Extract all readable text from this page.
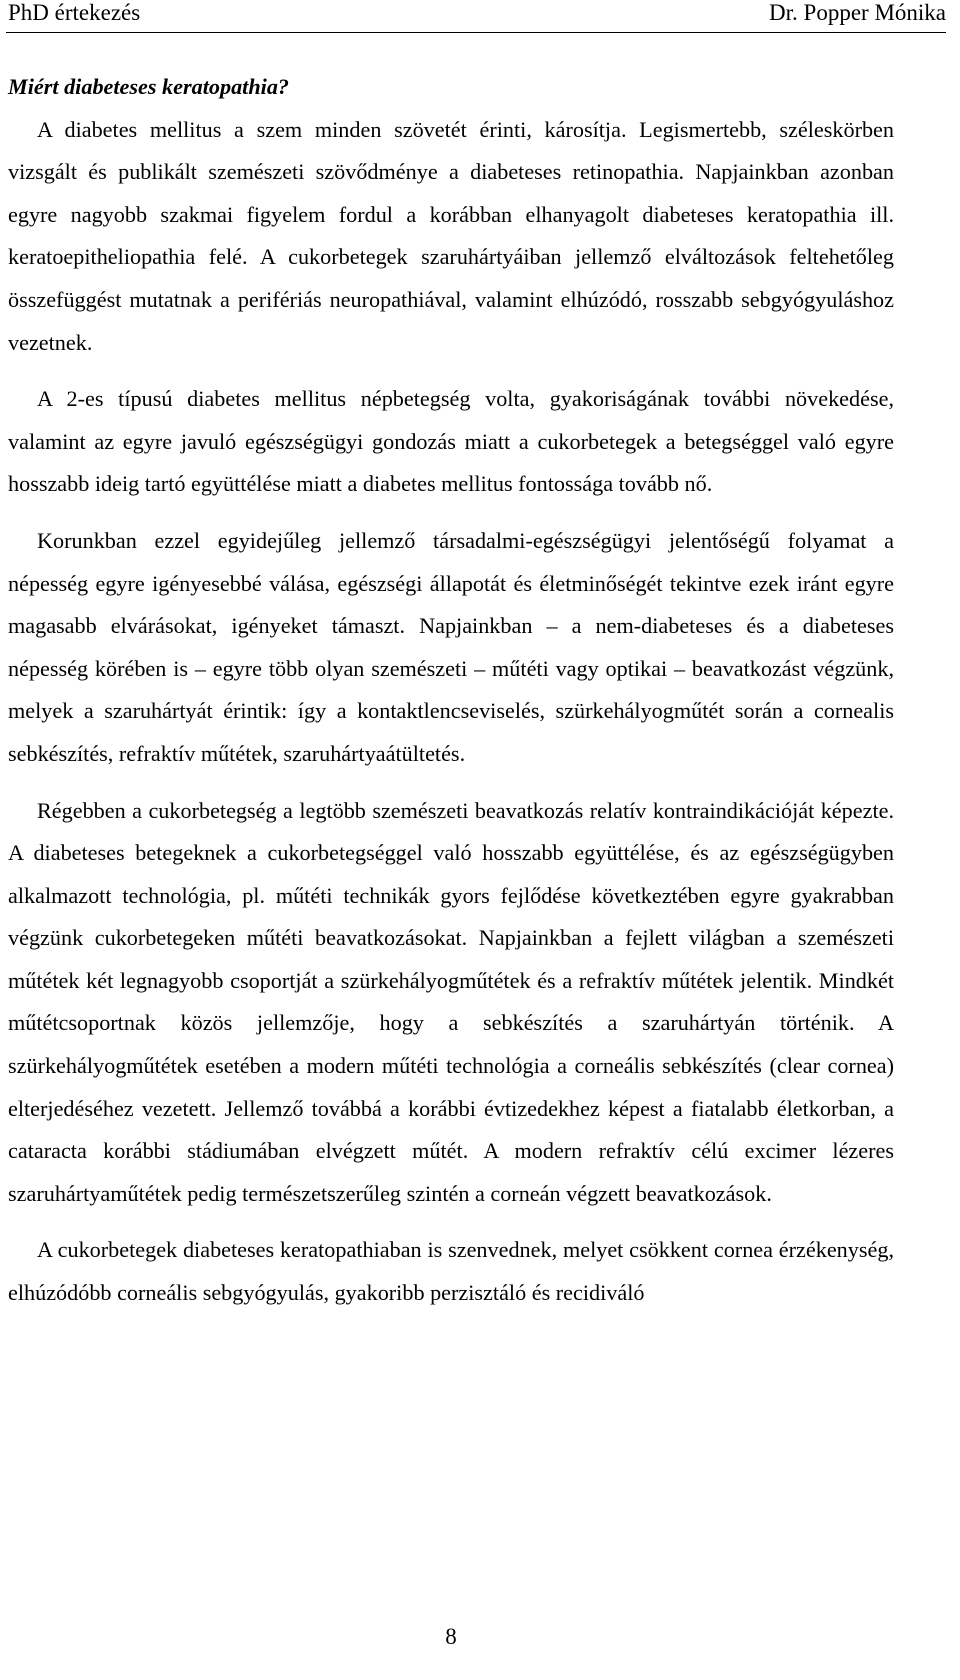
PhD értekezés	Dr. Popper Mónika
Miért diabeteses keratopathia?

A diabetes mellitus a szem minden szövetét érinti, károsítja. Legismertebb, széleskörben vizsgált és publikált szemészeti szövődménye a diabeteses retinopathia. Napjainkban azonban egyre nagyobb szakmai figyelem fordul a korábban elhanyagolt diabeteses keratopathia ill. keratoepitheliopathia felé. A cukorbetegek szaruhártyáiban jellemző elváltozások feltehetőleg összefüggést mutatnak a perifériás neuropathiával, valamint elhúzódó, rosszabb sebgyógyuláshoz vezetnek.

A 2-es típusú diabetes mellitus népbetegség volta, gyakoriságának további növekedése, valamint az egyre javuló egészségügyi gondozás miatt a cukorbetegek a betegséggel való egyre hosszabb ideig tartó együttélése miatt a diabetes mellitus fontossága tovább nő.

Korunkban ezzel egyidejűleg jellemző társadalmi-egészségügyi jelentőségű folyamat a népesség egyre igényesebbé válása, egészségi állapotát és életminőségét tekintve ezek iránt egyre magasabb elvárásokat, igényeket támaszt. Napjainkban – a nem-diabeteses és a diabeteses népesség körében is – egyre több olyan szemészeti – műtéti vagy optikai – beavatkozást végzünk, melyek a szaruhártyát érintik: így a kontaktlencseviselés, szürkehályogműtét során a cornealis sebkészítés, refraktív műtétek, szaruhártyaátültetés.

Régebben a cukorbetegség a legtöbb szemészeti beavatkozás relatív kontraindikációját képezte. A diabeteses betegeknek a cukorbetegséggel való hosszabb együttélése, és az egészségügyben alkalmazott technológia, pl. műtéti technikák gyors fejlődése következtében egyre gyakrabban végzünk cukorbetegeken műtéti beavatkozásokat. Napjainkban a fejlett világban a szemészeti műtétek két legnagyobb csoportját a szürkehályogműtétek és a refraktív műtétek jelentik. Mindkét műtétcsoportnak közös jellemzője, hogy a sebkészítés a szaruhártyán történik. A szürkehályogműtétek esetében a modern műtéti technológia a corneális sebkészítés (clear cornea) elterjedéséhez vezetett. Jellemző továbbá a korábbi évtizedekhez képest a fiatalabb életkorban, a cataracta korábbi stádiumában elvégzett műtét. A modern refraktív célú excimer lézeres szaruhártyaműtétek pedig természetszerűleg szintén a corneán végzett beavatkozások.

A cukorbetegek diabeteses keratopathiaban is szenvednek, melyet csökkent cornea érzékenység, elhúzódóbb corneális sebgyógyulás, gyakoribb perzisztáló és recidiváló

8
